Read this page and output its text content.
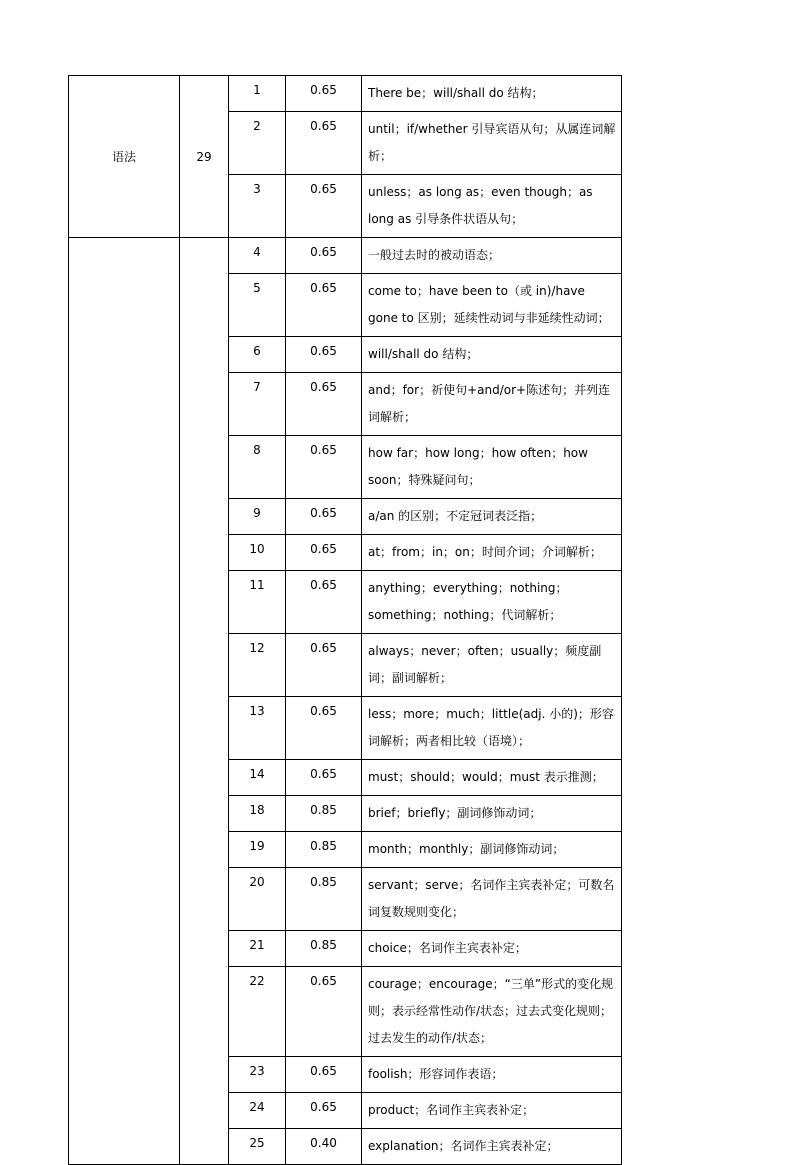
语法	29	1	0.65	There be；will/shall do 结构；
		2	0.65	until；if/whether 引导宾语从句；从属连词解析；
		3	0.65	unless；as long as；even though；as long as 引导条件状语从句；
		4	0.65	一般过去时的被动语态；
		5	0.65	come to；have been to（或 in)/have gone to 区别；延续性动词与非延续性动词；
		6	0.65	will/shall do 结构；
		7	0.65	and；for；祈使句+and/or+陈述句；并列连词解析；
		8	0.65	how far；how long；how often；how soon；特殊疑问句；
		9	0.65	a/an 的区别；不定冠词表泛指；
		10	0.65	at；from；in；on；时间介词；介词解析；
		11	0.65	anything；everything；nothing；something；nothing；代词解析；
		12	0.65	always；never；often；usually；频度副词；副词解析；
		13	0.65	less；more；much；little(adj. 小的)；形容词解析；两者相比较（语境）；
		14	0.65	must；should；would；must 表示推测；
		18	0.85	brief；briefly；副词修饰动词；
		19	0.85	month；monthly；副词修饰动词；
		20	0.85	servant；serve；名词作主宾表补定；可数名词复数规则变化；
		21	0.85	choice；名词作主宾表补定；
		22	0.65	courage；encourage；“三单”形式的变化规则；表示经常性动作/状态；过去式变化规则；过去发生的动作/状态；
		23	0.65	foolish；形容词作表语；
		24	0.65	product；名词作主宾表补定；
		25	0.40	explanation；名词作主宾表补定；
